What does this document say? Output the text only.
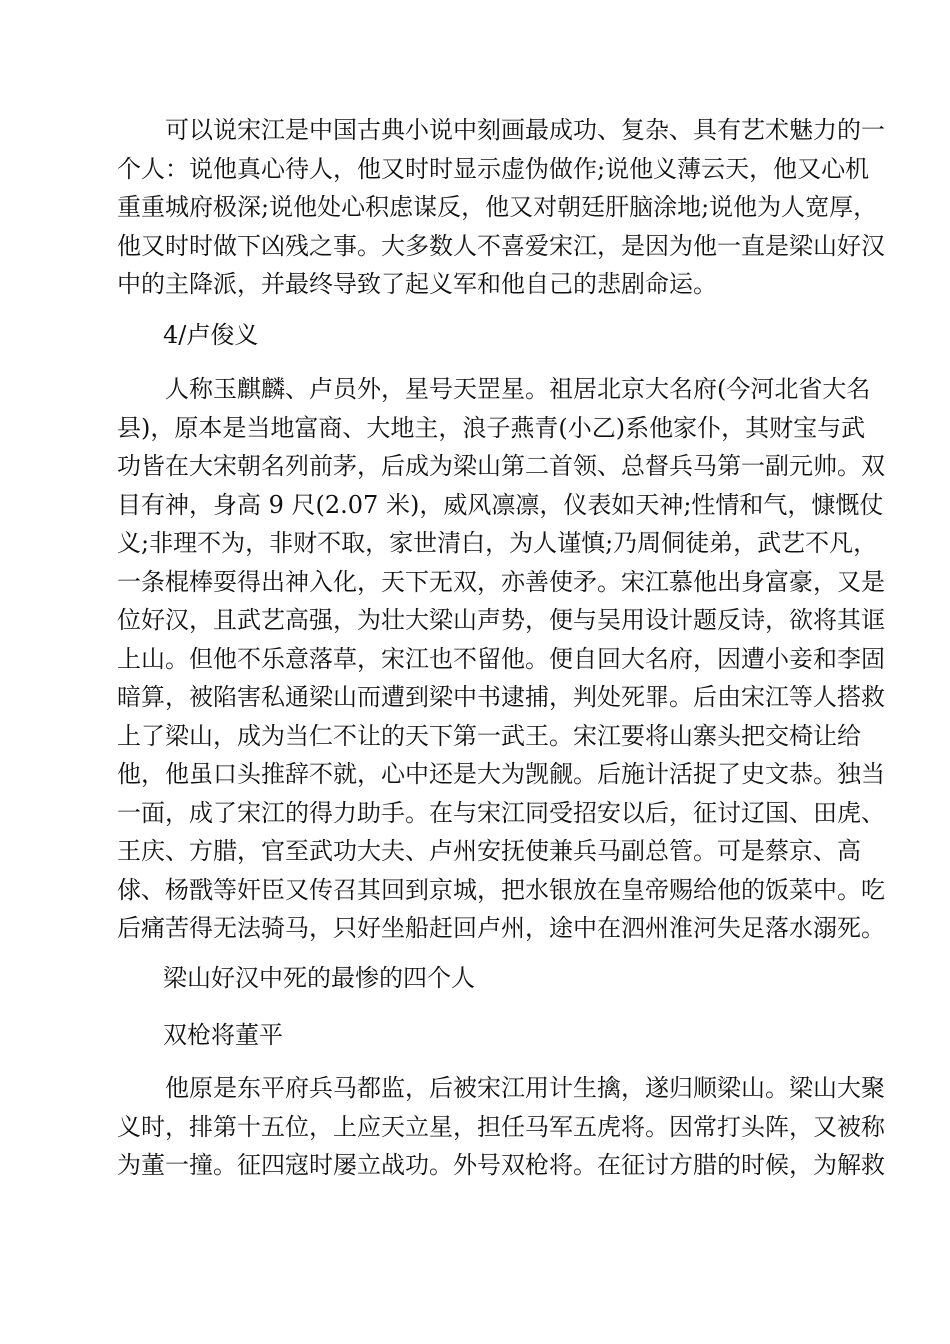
　　可以说宋江是中国古典小说中刻画最成功、复杂、具有艺术魅力的一
个人：说他真心待人，他又时时显示虚伪做作;说他义薄云天，他又心机
重重城府极深;说他处心积虑谋反，他又对朝廷肝脑涂地;说他为人宽厚，
他又时时做下凶残之事。大多数人不喜爱宋江，是因为他一直是梁山好汉
中的主降派，并最终导致了起义军和他自己的悲剧命运。
4/卢俊义
　　人称玉麒麟、卢员外，星号天罡星。祖居北京大名府(今河北省大名
县)，原本是当地富商、大地主，浪子燕青(小乙)系他家仆，其财宝与武
功皆在大宋朝名列前茅，后成为梁山第二首领、总督兵马第一副元帅。双
目有神，身高 9 尺(2.07 米)，威风凛凛，仪表如天神;性情和气，慷慨仗
义;非理不为，非财不取，家世清白，为人谨慎;乃周侗徒弟，武艺不凡，
一条棍棒耍得出神入化，天下无双，亦善使矛。宋江慕他出身富豪，又是
位好汉，且武艺高强，为壮大梁山声势，便与吴用设计题反诗，欲将其诓
上山。但他不乐意落草，宋江也不留他。便自回大名府，因遭小妾和李固
暗算，被陷害私通梁山而遭到梁中书逮捕，判处死罪。后由宋江等人搭救
上了梁山，成为当仁不让的天下第一武王。宋江要将山寨头把交椅让给
他，他虽口头推辞不就，心中还是大为觊觎。后施计活捉了史文恭。独当
一面，成了宋江的得力助手。在与宋江同受招安以后，征讨辽国、田虎、
王庆、方腊，官至武功大夫、卢州安抚使兼兵马副总管。可是蔡京、高
俅、杨戬等奸臣又传召其回到京城，把水银放在皇帝赐给他的饭菜中。吃
后痛苦得无法骑马，只好坐船赶回卢州，途中在泗州淮河失足落水溺死。
梁山好汉中死的最惨的四个人
双枪将董平
　　他原是东平府兵马都监，后被宋江用计生擒，遂归顺梁山。梁山大聚
义时，排第十五位，上应天立星，担任马军五虎将。因常打头阵，又被称
为董一撞。征四寇时屡立战功。外号双枪将。在征讨方腊的时候，为解救
